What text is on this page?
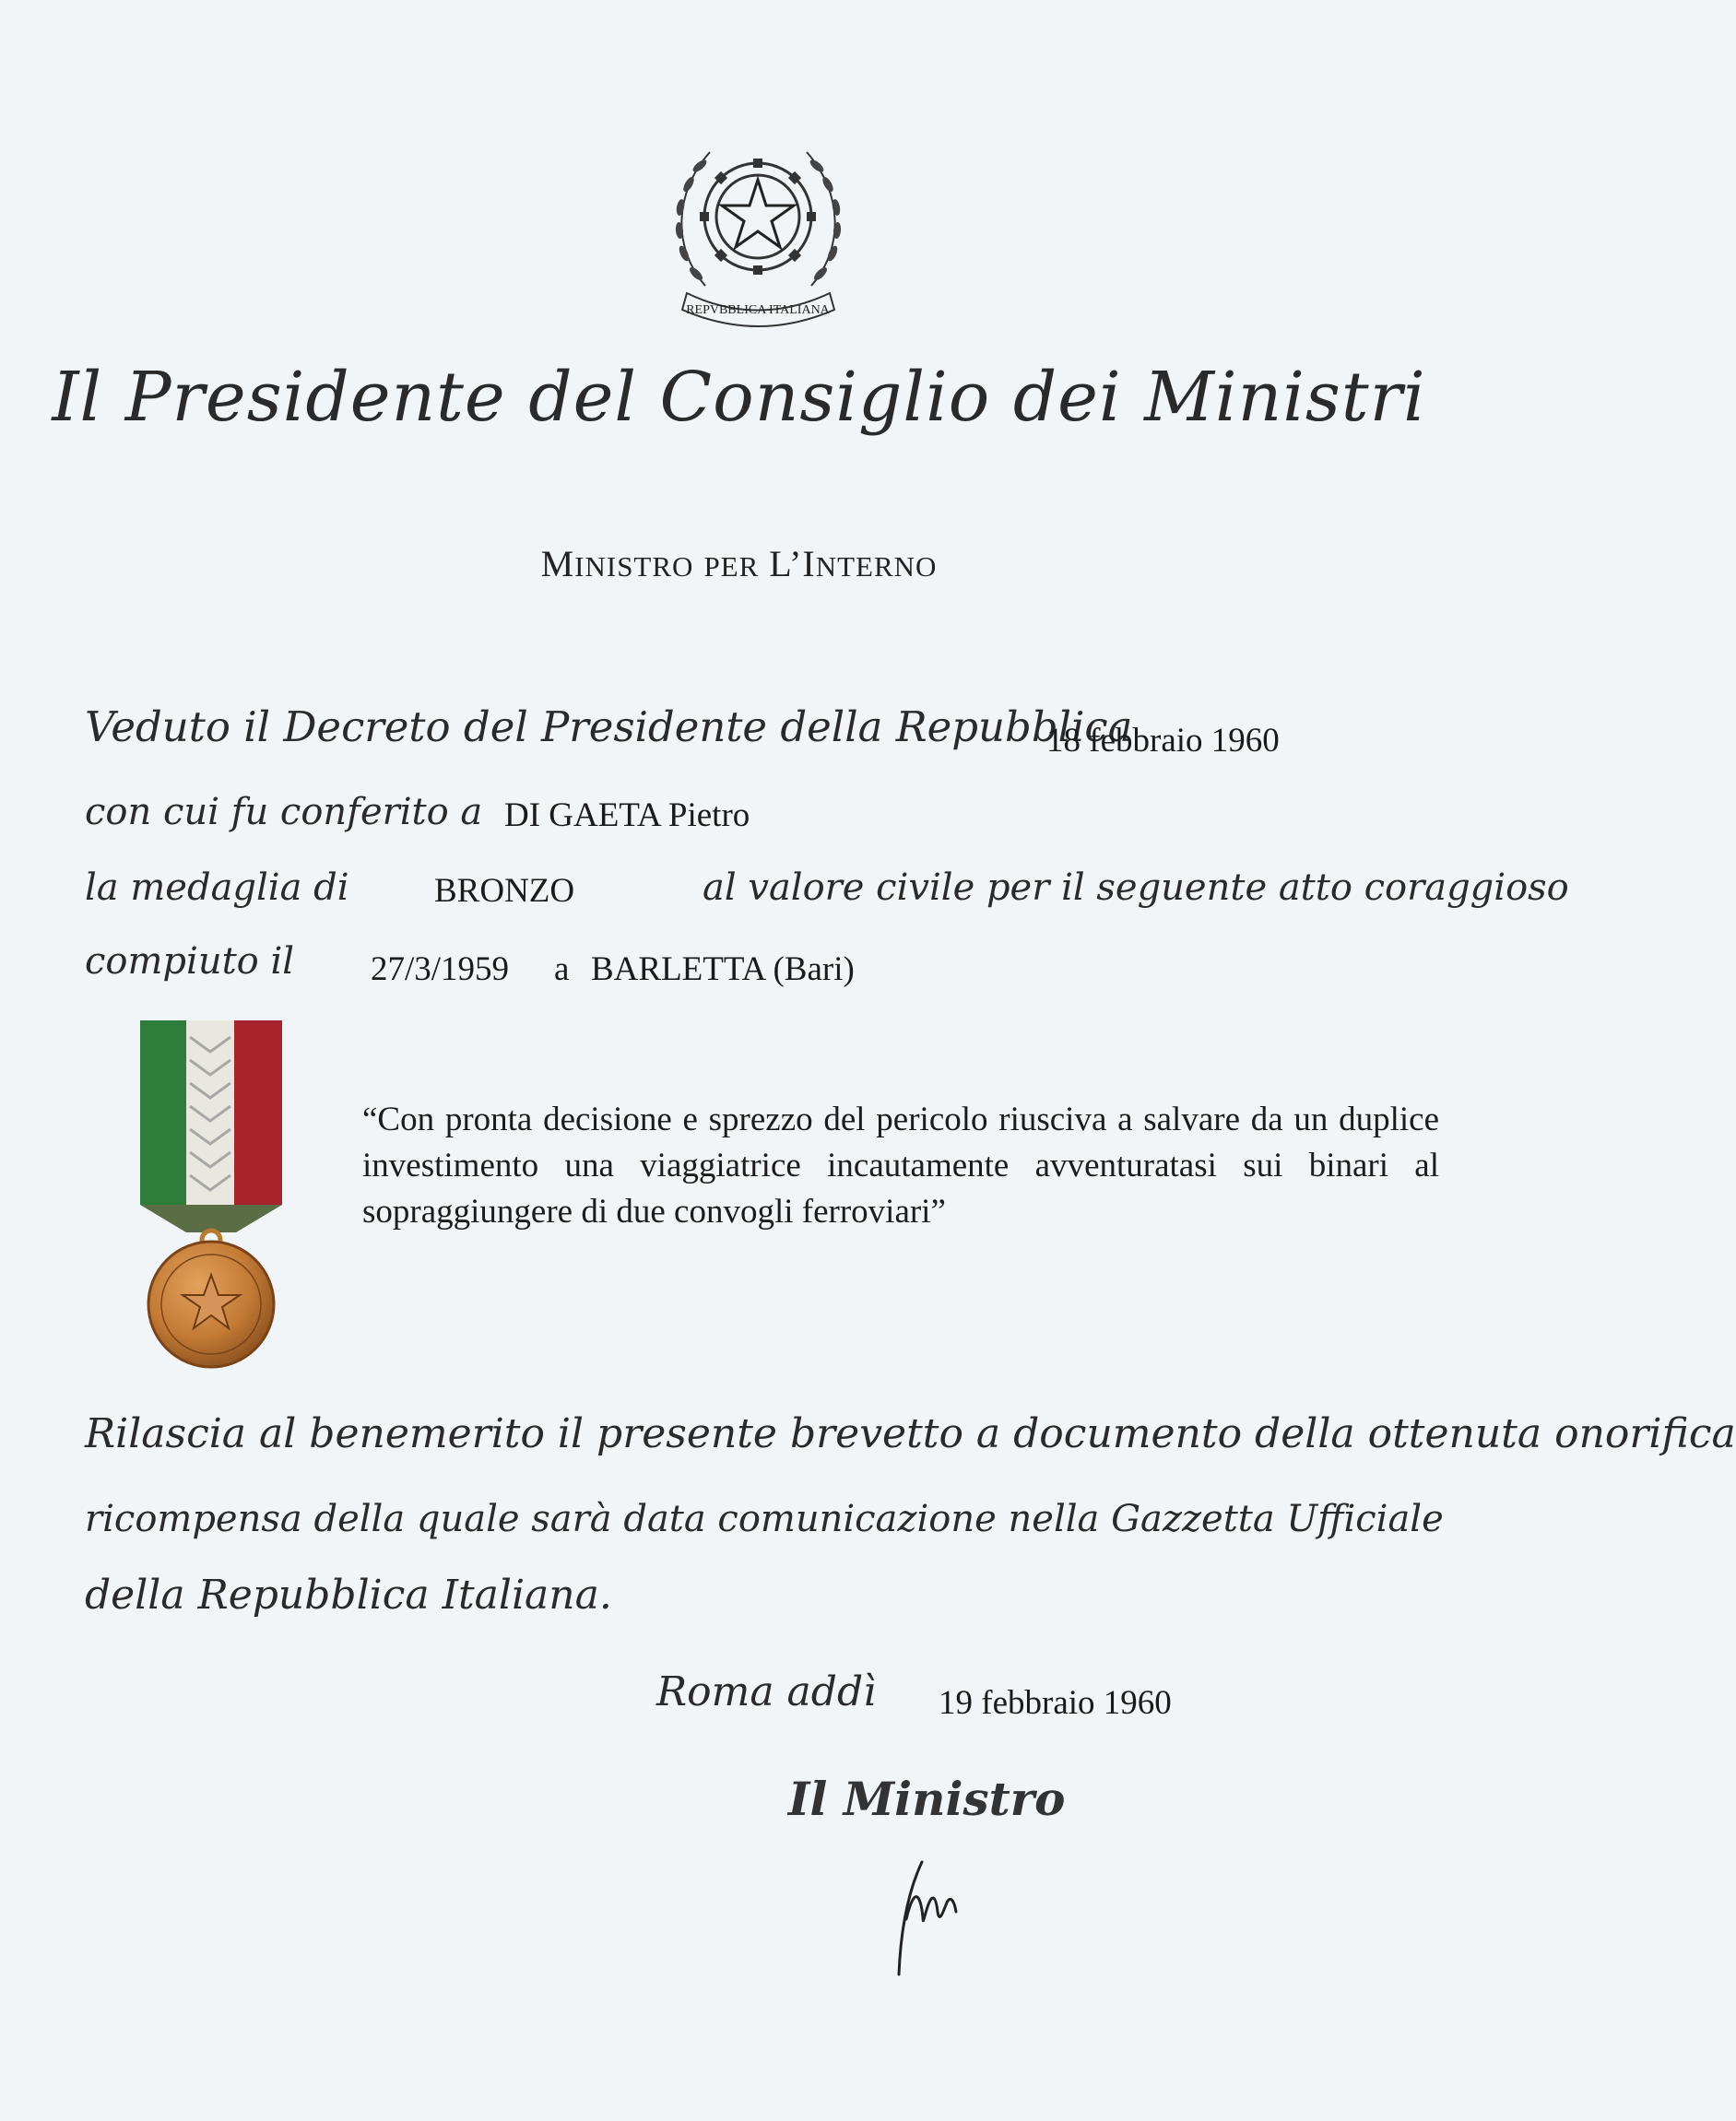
REPVBBLICA ITALIANA
Il Presidente del Consiglio dei Ministri
MINISTRO PER L’INTERNO
Veduto il Decreto del Presidente della Repubblica
18 febbraio 1960
con cui fu conferito a DI GAETA Pietro
la medaglia di BRONZO	al valore civile per il seguente atto coraggioso
compiuto il 27/3/1959 a BARLETTA (Bari)
“Con pronta decisione e sprezzo del pericolo riusciva a salvare da un duplice investimento una viaggiatrice incautamente avventuratasi sui binari al sopraggiungere di due convogli ferroviari”
Rilascia al benemerito il presente brevetto a documento della ottenuta onorifica
ricompensa della quale sarà data comunicazione nella Gazzetta Ufficiale
della Repubblica Italiana.
Roma addì 19 febbraio 1960
Il Ministro
